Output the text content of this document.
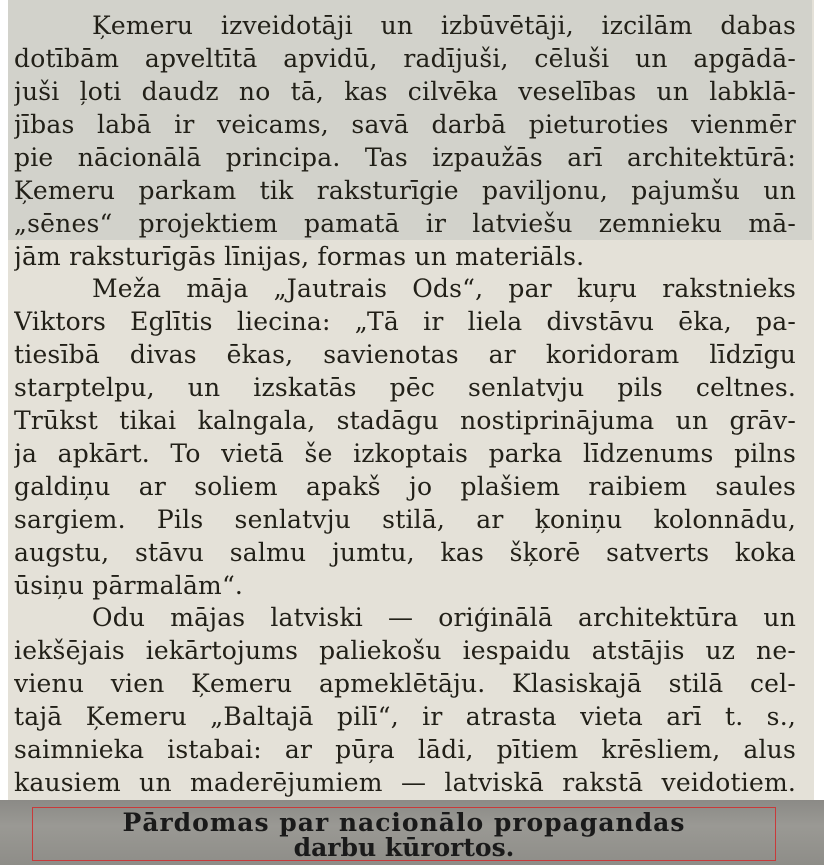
Ķemeru izveidotāji un izbūvētāji, izcilām dabas
dotībām apveltītā apvidū, radījuši, cēluši un apgādā-
juši ļoti daudz no tā, kas cilvēka veselības un labklā-
jības labā ir veicams, savā darbā pieturoties vienmēr
pie nācionālā principa. Tas izpaužās arī architektūrā:
Ķemeru parkam tik raksturīgie paviljonu, pajumšu un
„sēnes“ projektiem pamatā ir latviešu zemnieku mā-
jām raksturīgās līnijas, formas un materiāls.
Meža māja „Jautrais Ods“, par kuŗu rakstnieks
Viktors Eglītis liecina: „Tā ir liela divstāvu ēka, pa-
tiesībā divas ēkas, savienotas ar koridoram līdzīgu
starptelpu, un izskatās pēc senlatvju pils celtnes.
Trūkst tikai kalngala, stadāgu nostiprinājuma un grāv-
ja apkārt. To vietā še izkoptais parka līdzenums pilns
galdiņu ar soliem apakš jo plašiem raibiem saules
sargiem. Pils senlatvju stilā, ar ķoniņu kolonnādu,
augstu, stāvu salmu jumtu, kas šķorē satverts koka
ūsiņu pārmalām“.
Odu mājas latviski — oriģinālā architektūra un
iekšējais iekārtojums paliekošu iespaidu atstājis uz ne-
vienu vien Ķemeru apmeklētāju. Klasiskajā stilā cel-
tajā Ķemeru „Baltajā pilī“, ir atrasta vieta arī t. s.,
saimnieka istabai: ar pūŗa lādi, pītiem krēsliem, alus
kausiem un maderējumiem — latviskā rakstā veidotiem.
Pārdomas par nacionālo propagandas
darbu kūrortos.
